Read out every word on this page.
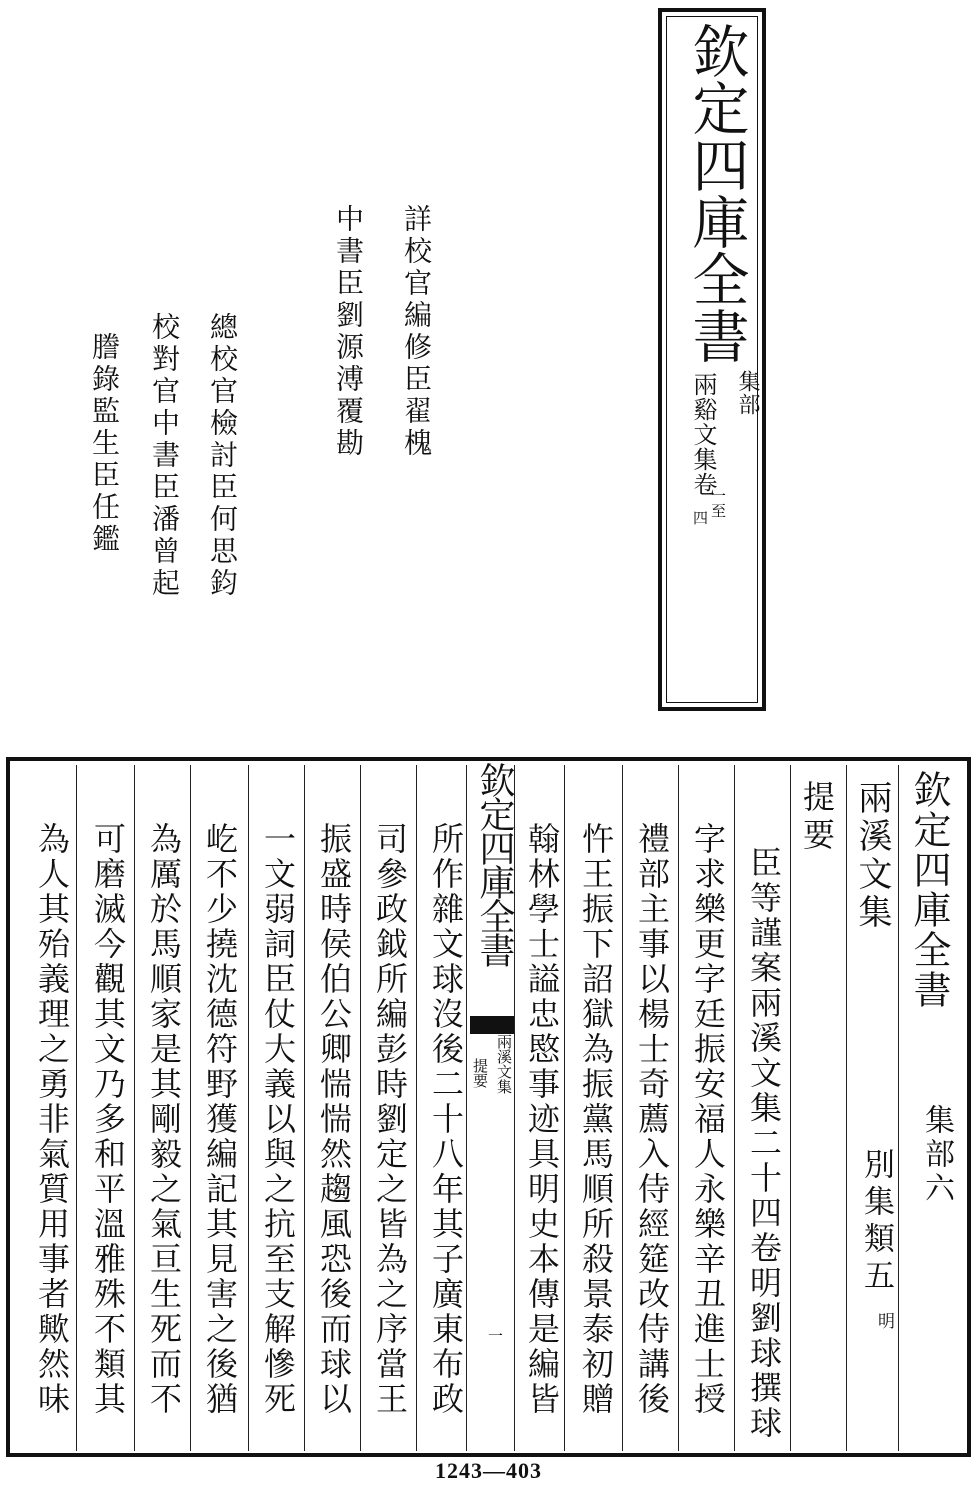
欽定四庫全書
集部
兩谿文集卷
一至
四
詳校官編修臣翟槐
中書臣劉源溥覆勘
總校官檢討臣何思鈞
校對官中書臣潘曾起
謄錄監生臣任鑑
欽定四庫全書
集部六
兩溪文集
別集類五
明
提要
欽定四庫全書
兩溪文集
提要
一	臣等謹案兩溪文集二十四卷明劉球撰球
字求樂更字廷振安福人永樂辛丑進士授
禮部主事以楊士奇薦入侍經筵改侍講後
忤王振下詔獄為振黨馬順所殺景泰初贈
翰林學士謚忠愍事迹具明史本傳是編皆
所作雜文球沒後二十八年其子廣東布政
司參政鉞所編彭時劉定之皆為之序當王
振盛時侯伯公卿惴惴然趨風恐後而球以
一文弱詞臣仗大義以與之抗至支解慘死
屹不少撓沈德符野獲編記其見害之後猶
為厲於馬順家是其剛毅之氣亘生死而不
可磨滅今觀其文乃多和平溫雅殊不類其
為人其殆義理之勇非氣質用事者歟然味
1243—403
